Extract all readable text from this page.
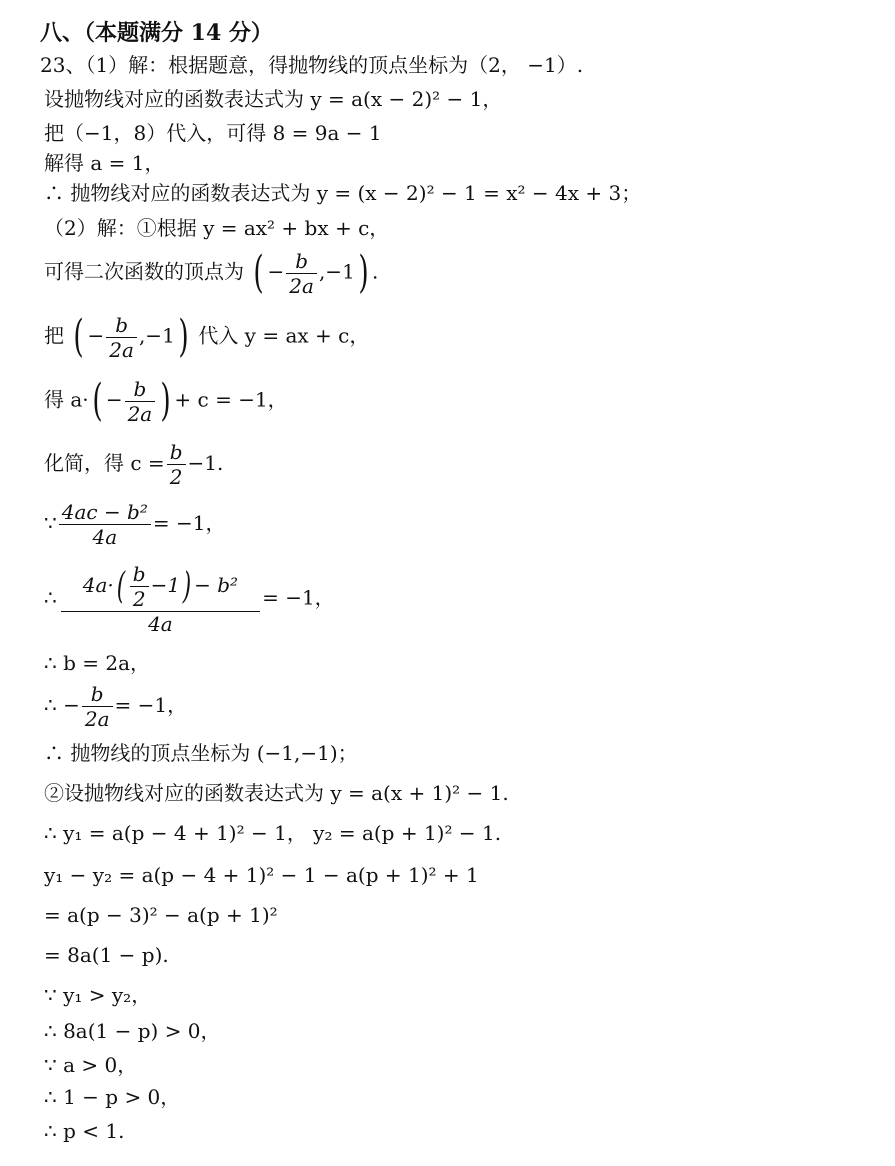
八、（本题满分 14 分）
23、（1）解：根据题意，得抛物线的顶点坐标为（2， −1）.
设抛物线对应的函数表达式为 y = a(x − 2)² − 1，
把（−1，8）代入，可得 8 = 9a − 1
解得 a = 1，
∴ 抛物线对应的函数表达式为 y = (x − 2)² − 1 = x² − 4x + 3；
（2）解：①根据 y = ax² + bx + c，
可得二次函数的顶点为 ( − $\frac{b}{2a} ,-1$) .
把 ( − $\frac{b}{2a} ,-1$) 代入 y = ax + c，
得 $a\cdot( - \frac{b}{2a}$ ) + c = −1，
化简，得 $c = \frac{b}{2} -1$.
∵ $\frac{\text{4ac − b²}}{4a} = -1$，
∴ $\frac{4a\cdot( \frac{b}{2} -1) - b^2}{4a} = -1$，
∴ b = 2a，
∴ − $\frac{b}{2a} = -1$，
∴ 抛物线的顶点坐标为 (−1,−1)；
②设抛物线对应的函数表达式为 y = a(x + 1)² − 1.
∴ y₁ = a(p − 4 + 1)² − 1， y₂ = a(p + 1)² − 1.
y₁ − y₂ = a(p − 4 + 1)² − 1 − a(p + 1)² + 1
= a(p − 3)² − a(p + 1)²
= 8a(1 − p).
∵ y₁ > y₂，
∴ 8a(1 − p) > 0，
∵ a > 0，
∴ 1 − p > 0，
∴ p < 1.
